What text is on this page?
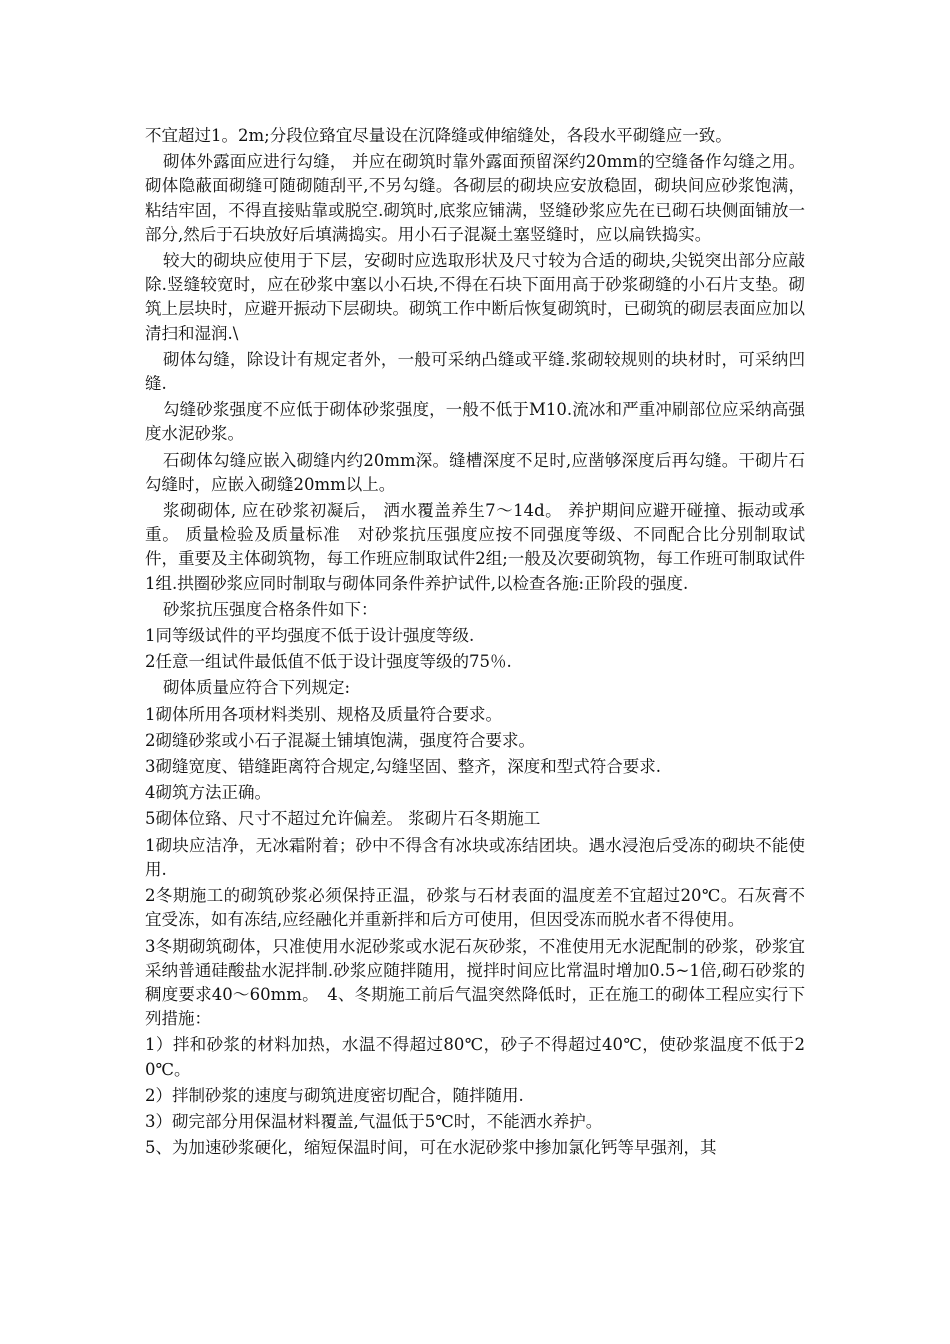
不宜超过1。2m;分段位臵宜尽量设在沉降缝或伸缩缝处，各段水平砌缝应一致。

砌体外露面应进行勾缝， 并应在砌筑时靠外露面预留深约20mm的空缝备作勾缝之用。砌体隐蔽面砌缝可随砌随刮平,不另勾缝。各砌层的砌块应安放稳固，砌块间应砂浆饱满，粘结牢固，不得直接贴靠或脱空.砌筑时,底浆应铺满，竖缝砂浆应先在已砌石块侧面铺放一部分,然后于石块放好后填满捣实。用小石子混凝土塞竖缝时，应以扁铁捣实。

较大的砌块应使用于下层，安砌时应选取形状及尺寸较为合适的砌块,尖锐突出部分应敲除.竖缝较宽时，应在砂浆中塞以小石块,不得在石块下面用高于砂浆砌缝的小石片支垫。砌筑上层块时，应避开振动下层砌块。砌筑工作中断后恢复砌筑时，已砌筑的砌层表面应加以清扫和湿润.\

砌体勾缝，除设计有规定者外，一般可采纳凸缝或平缝.浆砌较规则的块材时，可采纳凹缝.

勾缝砂浆强度不应低于砌体砂浆强度，一般不低于M10.流冰和严重冲刷部位应采纳高强度水泥砂浆。

石砌体勾缝应嵌入砌缝内约20mm深。缝槽深度不足时,应凿够深度后再勾缝。干砌片石勾缝时，应嵌入砌缝20mm以上。

浆砌砌体, 应在砂浆初凝后， 洒水覆盖养生7～14d。 养护期间应避开碰撞、振动或承重。 质量检验及质量标准　对砂浆抗压强度应按不同强度等级、不同配合比分别制取试件，重要及主体砌筑物，每工作班应制取试件2组;一般及次要砌筑物，每工作班可制取试件1组.拱圈砂浆应同时制取与砌体同条件养护试件,以检查各施:正阶段的强度.

砂浆抗压强度合格条件如下：

1同等级试件的平均强度不低于设计强度等级.

2任意一组试件最低值不低于设计强度等级的75％.

砌体质量应符合下列规定:

1砌体所用各项材料类别、规格及质量符合要求。

2砌缝砂浆或小石子混凝土铺填饱满，强度符合要求。

3砌缝宽度、错缝距离符合规定,勾缝坚固、整齐，深度和型式符合要求.

4砌筑方法正确。

5砌体位臵、尺寸不超过允许偏差。 浆砌片石冬期施工

1砌块应洁净，无冰霜附着；砂中不得含有冰块或冻结团块。遇水浸泡后受冻的砌块不能使用.

2冬期施工的砌筑砂浆必须保持正温，砂浆与石材表面的温度差不宜超过20℃。石灰膏不宜受冻，如有冻结,应经融化并重新拌和后方可使用，但因受冻而脱水者不得使用。

3冬期砌筑砌体，只准使用水泥砂浆或水泥石灰砂浆，不准使用无水泥配制的砂浆，砂浆宜采纳普通硅酸盐水泥拌制.砂浆应随拌随用，搅拌时间应比常温时增加0.5~1倍,砌石砂浆的稠度要求40～60mm。　4、冬期施工前后气温突然降低时，正在施工的砌体工程应实行下列措施：

1）拌和砂浆的材料加热，水温不得超过80℃，砂子不得超过40℃，使砂浆温度不低于20℃。

2）拌制砂浆的速度与砌筑进度密切配合，随拌随用.

3）砌完部分用保温材料覆盖,气温低于5℃时，不能洒水养护。

5、为加速砂浆硬化，缩短保温时间，可在水泥砂浆中掺加氯化钙等早强剂，其
